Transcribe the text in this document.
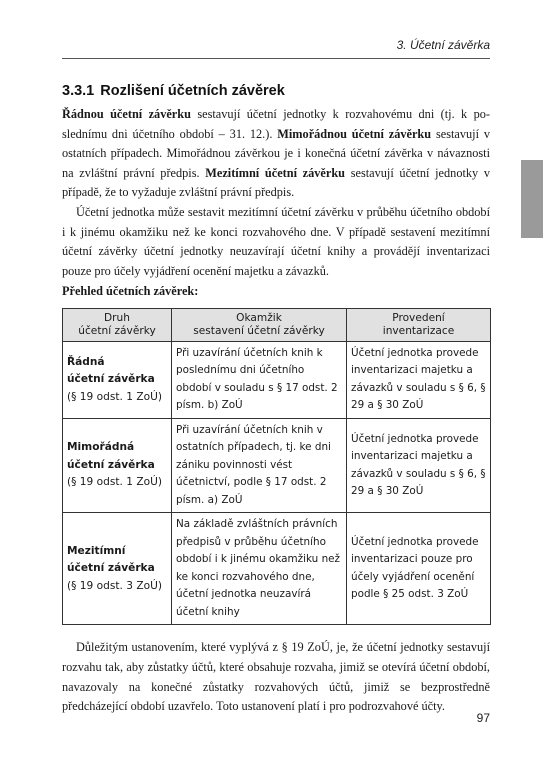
3. Účetní závěrka
3.3.1 Rozlišení účetních závěrek

Řádnou účetní závěrku sestavují účetní jednotky k rozvahovému dni (tj. k poslednímu dni účetního období – 31. 12.). Mimořádnou účetní závěrku sestavují v ostatních případech. Mimořádnou závěrkou je i konečná účetní závěrka v návaznosti na zvláštní právní předpis. Mezitímní účetní závěrku sestavují účetní jednotky v případě, že to vyžaduje zvláštní právní předpis.

Účetní jednotka může sestavit mezitímní účetní závěrku v průběhu účetního období i k jinému okamžiku než ke konci rozvahového dne. V případě sestavení mezitímní účetní závěrky účetní jednotky neuzavírají účetní knihy a provádějí inventarizaci pouze pro účely vyjádření ocenění majetku a závazků.

Přehled účetních závěrek:
Druh
účetní závěrky	Okamžik
sestavení účetní závěrky	Provedení
inventarizace

Řádná
účetní závěrka
(§ 19 odst. 1 ZoÚ)	Při uzavírání účetních knih k poslednímu dni účetního období v souladu s § 17 odst. 2 písm. b) ZoÚ	Účetní jednotka provede inventarizaci majetku a závazků v souladu s § 6, § 29 a § 30 ZoÚ

Mimořádná
účetní závěrka
(§ 19 odst. 1 ZoÚ)	Při uzavírání účetních knih v ostatních případech, tj. ke dni zániku povinnosti vést účetnictví, podle § 17 odst. 2 písm. a) ZoÚ	Účetní jednotka provede inventarizaci majetku a závazků v souladu s § 6, § 29 a § 30 ZoÚ

Mezitímní
účetní závěrka
(§ 19 odst. 3 ZoÚ)	Na základě zvláštních právních předpisů v průběhu účetního období i k jinému okamžiku než ke konci rozvahového dne, účetní jednotka neuzavírá účetní knihy	Účetní jednotka provede inventarizaci pouze pro účely vyjádření ocenění podle § 25 odst. 3 ZoÚ

Důležitým ustanovením, které vyplývá z § 19 ZoÚ, je, že účetní jednotky sestavují rozvahu tak, aby zůstatky účtů, které obsahuje rozvaha, jimiž se otevírá účetní období, navazovaly na konečné zůstatky rozvahových účtů, jimiž se bezprostředně předcházející období uzavřelo. Toto ustanovení platí i pro podrozvahové účty.

97
